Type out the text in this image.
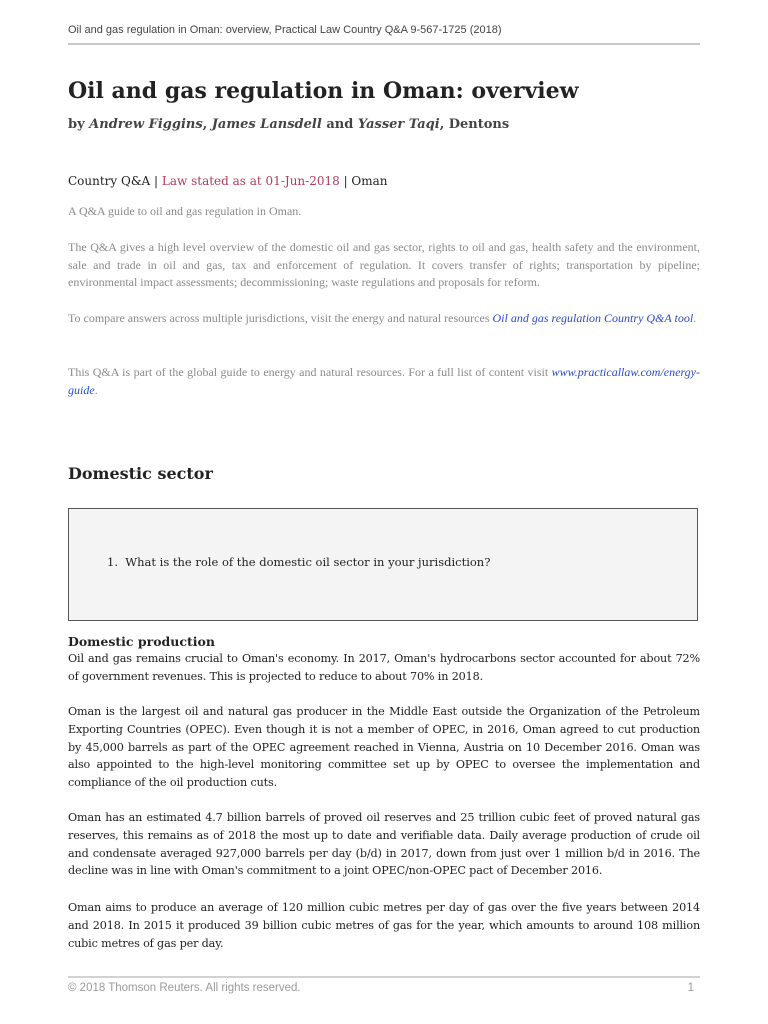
Oil and gas regulation in Oman: overview, Practical Law Country Q&A 9-567-1725 (2018)
Oil and gas regulation in Oman: overview
by Andrew Figgins, James Lansdell and Yasser Taqi, Dentons
Country Q&A | Law stated as at 01-Jun-2018 | Oman

A Q&A guide to oil and gas regulation in Oman.

The Q&A gives a high level overview of the domestic oil and gas sector, rights to oil and gas, health safety and the environment, sale and trade in oil and gas, tax and enforcement of regulation. It covers transfer of rights; transportation by pipeline; environmental impact assessments; decommissioning; waste regulations and proposals for reform.

To compare answers across multiple jurisdictions, visit the energy and natural resources Oil and gas regulation Country Q&A tool.

This Q&A is part of the global guide to energy and natural resources. For a full list of content visit www.practicallaw.com/energy-guide.

Domestic sector
1. What is the role of the domestic oil sector in your jurisdiction?
Domestic production

Oil and gas remains crucial to Oman's economy. In 2017, Oman's hydrocarbons sector accounted for about 72% of government revenues. This is projected to reduce to about 70% in 2018.

Oman is the largest oil and natural gas producer in the Middle East outside the Organization of the Petroleum Exporting Countries (OPEC). Even though it is not a member of OPEC, in 2016, Oman agreed to cut production by 45,000 barrels as part of the OPEC agreement reached in Vienna, Austria on 10 December 2016. Oman was also appointed to the high-level monitoring committee set up by OPEC to oversee the implementation and compliance of the oil production cuts.

Oman has an estimated 4.7 billion barrels of proved oil reserves and 25 trillion cubic feet of proved natural gas reserves, this remains as of 2018 the most up to date and verifiable data. Daily average production of crude oil and condensate averaged 927,000 barrels per day (b/d) in 2017, down from just over 1 million b/d in 2016. The decline was in line with Oman's commitment to a joint OPEC/non-OPEC pact of December 2016.

Oman aims to produce an average of 120 million cubic metres per day of gas over the five years between 2014 and 2018. In 2015 it produced 39 billion cubic metres of gas for the year, which amounts to around 108 million cubic metres of gas per day.

© 2018 Thomson Reuters. All rights reserved.	1
